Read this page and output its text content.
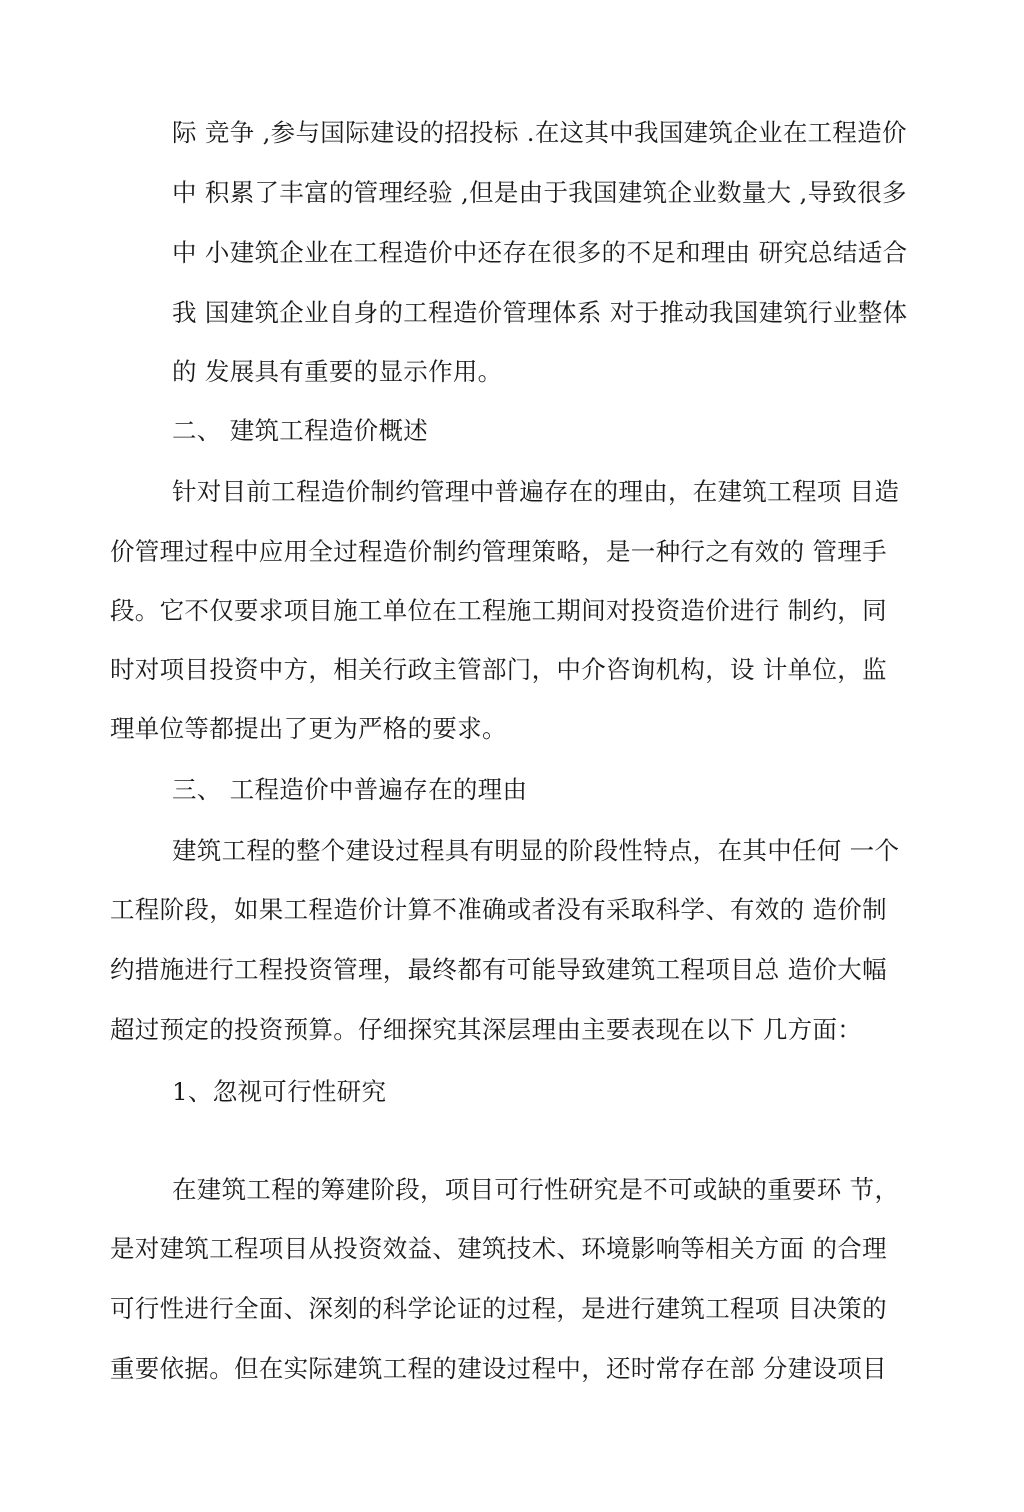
际 竞争 ,参与国际建设的招投标 .在这其中我国建筑企业在工程造价
中 积累了丰富的管理经验 ,但是由于我国建筑企业数量大 ,导致很多
中 小建筑企业在工程造价中还存在很多的不足和理由 研究总结适合
我 国建筑企业自身的工程造价管理体系 对于推动我国建筑行业整体
的 发展具有重要的显示作用。
二、 建筑工程造价概述
针对目前工程造价制约管理中普遍存在的理由，在建筑工程项 目造
价管理过程中应用全过程造价制约管理策略，是一种行之有效的 管理手
段。它不仅要求项目施工单位在工程施工期间对投资造价进行 制约，同
时对项目投资中方，相关行政主管部门，中介咨询机构，设 计单位，监
理单位等都提出了更为严格的要求。
三、 工程造价中普遍存在的理由
建筑工程的整个建设过程具有明显的阶段性特点，在其中任何 一个
工程阶段，如果工程造价计算不准确或者没有采取科学、有效的 造价制
约措施进行工程投资管理，最终都有可能导致建筑工程项目总 造价大幅
超过预定的投资预算。仔细探究其深层理由主要表现在以下 几方面：
1、忽视可行性研究
在建筑工程的筹建阶段，项目可行性研究是不可或缺的重要环 节，
是对建筑工程项目从投资效益、建筑技术、环境影响等相关方面 的合理
可行性进行全面、深刻的科学论证的过程，是进行建筑工程项 目决策的
重要依据。但在实际建筑工程的建设过程中，还时常存在部 分建设项目
